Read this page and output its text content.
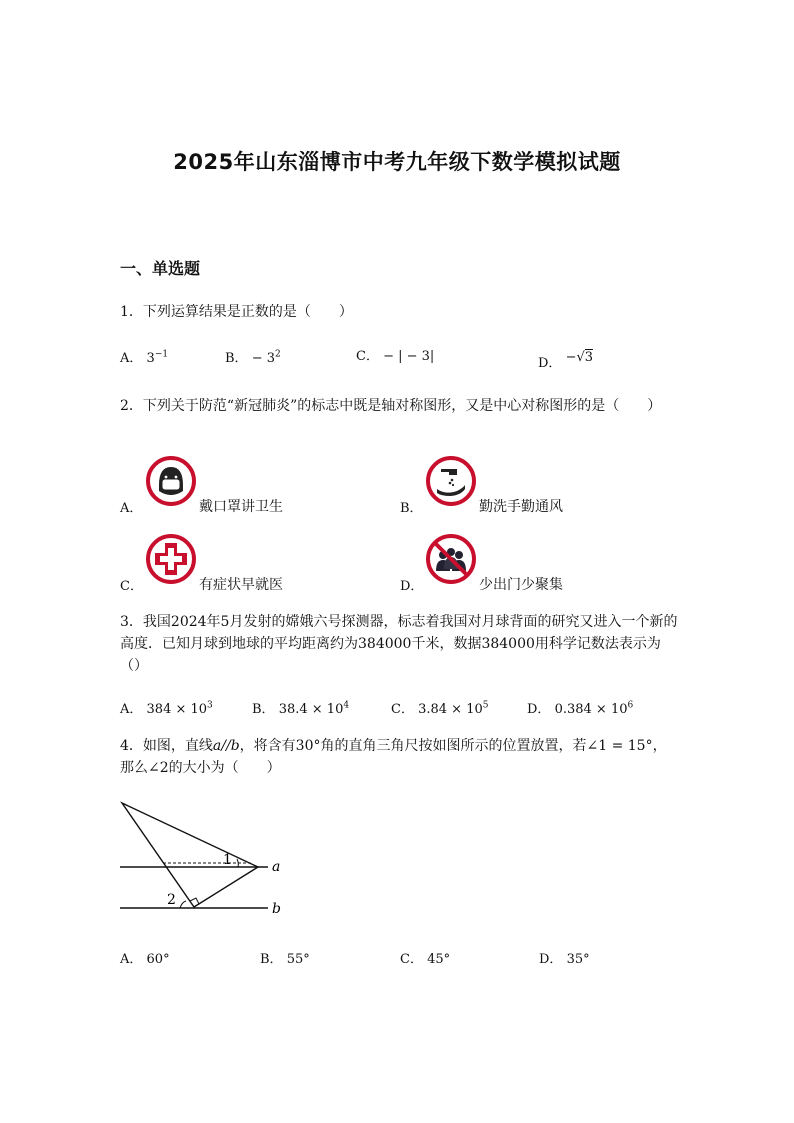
2025年山东淄博市中考九年级下数学模拟试题
一、单选题
1．下列运算结果是正数的是（　　）
A． $3^{-1}$	B． − $3^2$	C． − | − 3|	D． −√3
2．下列关于防范“新冠肺炎”的标志中既是轴对称图形，又是中心对称图形的是（　　）
A．	戴口罩讲卫生	B．	勤洗手勤通风
C．	有症状早就医	D．	少出门少聚集
3．我国2024年5月发射的嫦娥六号探测器，标志着我国对月球背面的研究又进入一个新的高度．已知月球到地球的平均距离约为384000千米，数据384000用科学记数法表示为（）
A． $384 \times 10^3$	B． $38.4 \times 10^4$	C． $3.84 \times 10^5$	D． $0.384 \times 10^6$
4．如图，直线a//b，将含有30°角的直角三角尺按如图所示的位置放置，若∠1 = 15°，那么∠2的大小为（　　）
1
2
a
b
A． 60°	B． 55°	C． 45°	D． 35°
